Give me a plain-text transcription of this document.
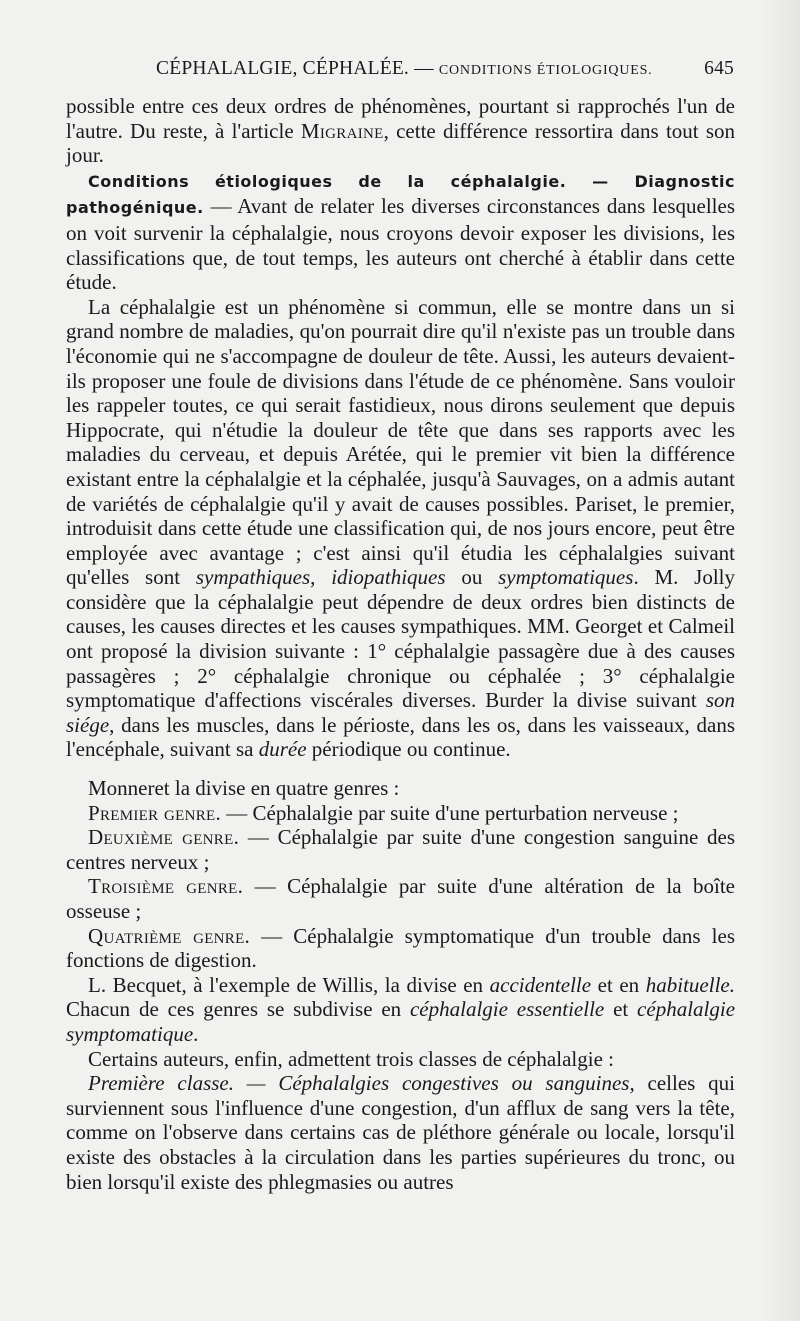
CÉPHALALGIE, CÉPHALÉE. — CONDITIONS ÉTIOLOGIQUES.	645

possible entre ces deux ordres de phénomènes, pourtant si rapprochés l'un de l'autre. Du reste, à l'article Migraine, cette différence ressortira dans tout son jour.

Conditions étiologiques de la céphalalgie. — Diagnostic pathogénique. — Avant de relater les diverses circonstances dans lesquelles on voit survenir la céphalalgie, nous croyons devoir exposer les divisions, les classifications que, de tout temps, les auteurs ont cherché à établir dans cette étude.

La céphalalgie est un phénomène si commun, elle se montre dans un si grand nombre de maladies, qu'on pourrait dire qu'il n'existe pas un trouble dans l'économie qui ne s'accompagne de douleur de tête. Aussi, les auteurs devaient-ils proposer une foule de divisions dans l'étude de ce phénomène. Sans vouloir les rappeler toutes, ce qui serait fastidieux, nous dirons seulement que depuis Hippocrate, qui n'étudie la douleur de tête que dans ses rapports avec les maladies du cerveau, et depuis Arétée, qui le premier vit bien la différence existant entre la céphalalgie et la céphalée, jusqu'à Sauvages, on a admis autant de variétés de céphalalgie qu'il y avait de causes possibles. Pariset, le premier, introduisit dans cette étude une classification qui, de nos jours encore, peut être employée avec avantage ; c'est ainsi qu'il étudia les céphalalgies suivant qu'elles sont sympathiques, idiopathiques ou symptomatiques. M. Jolly considère que la céphalalgie peut dépendre de deux ordres bien distincts de causes, les causes directes et les causes sympathiques. MM. Georget et Calmeil ont proposé la division suivante : 1° céphalalgie passagère due à des causes passagères ; 2° céphalalgie chronique ou céphalée ; 3° céphalalgie symptomatique d'affections viscérales diverses. Burder la divise suivant son siége, dans les muscles, dans le périoste, dans les os, dans les vaisseaux, dans l'encéphale, suivant sa durée périodique ou continue.

Monneret la divise en quatre genres :

Premier genre. — Céphalalgie par suite d'une perturbation nerveuse ;

Deuxième genre. — Céphalalgie par suite d'une congestion sanguine des centres nerveux ;

Troisième genre. — Céphalalgie par suite d'une altération de la boîte osseuse ;

Quatrième genre. — Céphalalgie symptomatique d'un trouble dans les fonctions de digestion.

L. Becquet, à l'exemple de Willis, la divise en accidentelle et en habituelle. Chacun de ces genres se subdivise en céphalalgie essentielle et céphalalgie symptomatique.

Certains auteurs, enfin, admettent trois classes de céphalalgie :

Première classe. — Céphalalgies congestives ou sanguines, celles qui surviennent sous l'influence d'une congestion, d'un afflux de sang vers la tête, comme on l'observe dans certains cas de pléthore générale ou locale, lorsqu'il existe des obstacles à la circulation dans les parties supérieures du tronc, ou bien lorsqu'il existe des phlegmasies ou autres
